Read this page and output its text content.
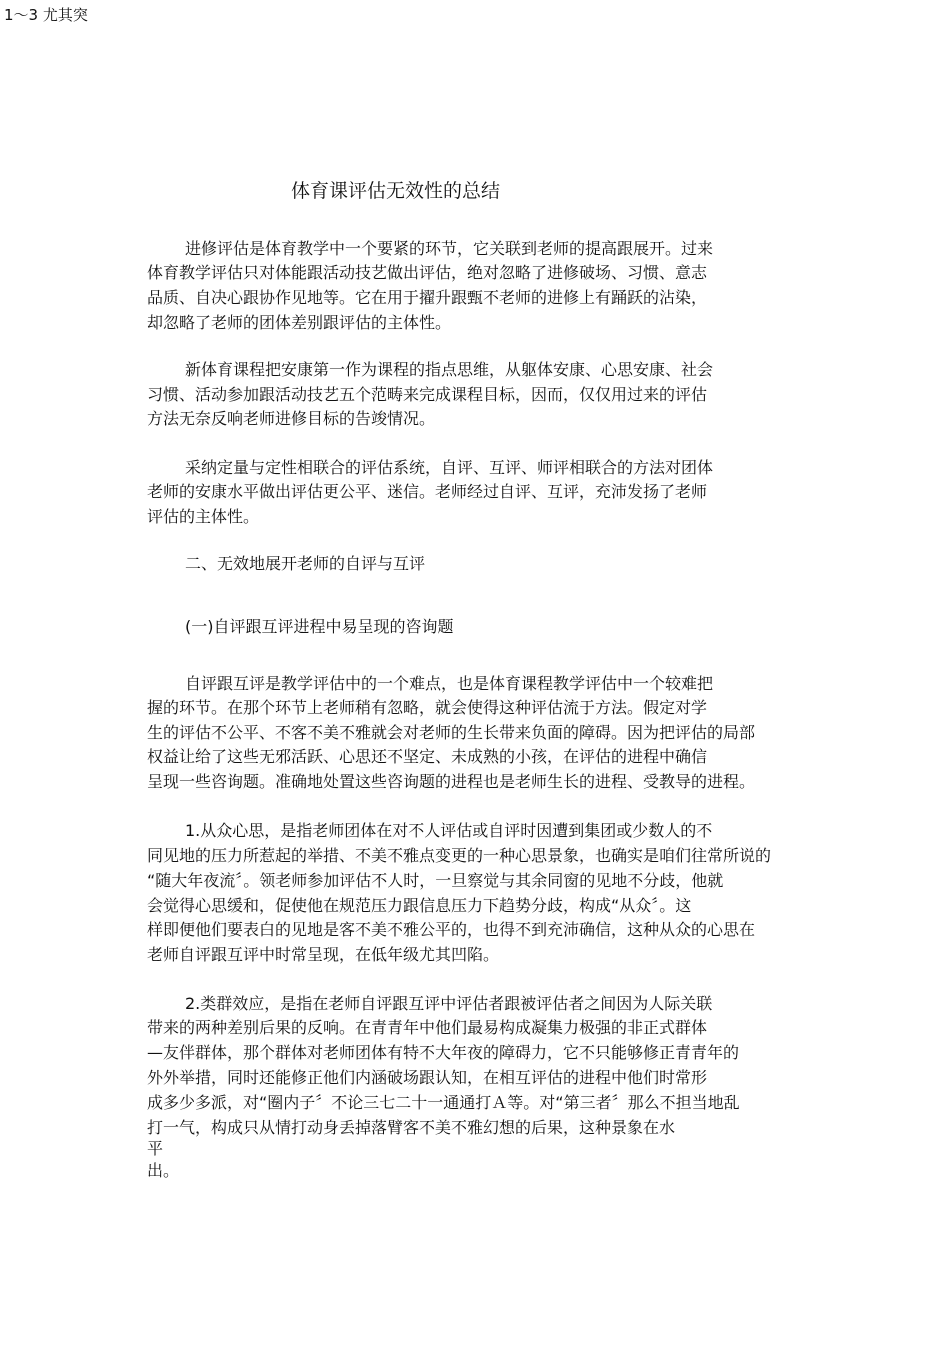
1～3 尤其突
体育课评估无效性的总结
进修评估是体育教学中一个要紧的环节，它关联到老师的提高跟展开。过来
体育教学评估只对体能跟活动技艺做出评估，绝对忽略了进修破场、习惯、意志
品质、自决心跟协作见地等。它在用于擢升跟甄不老师的进修上有踊跃的沾染，
却忽略了老师的团体差别跟评估的主体性。
新体育课程把安康第一作为课程的指点思维，从躯体安康、心思安康、社会
习惯、活动参加跟活动技艺五个范畴来完成课程目标，因而，仅仅用过来的评估
方法无奈反响老师进修目标的告竣情况。
采纳定量与定性相联合的评估系统，自评、互评、师评相联合的方法对团体
老师的安康水平做出评估更公平、迷信。老师经过自评、互评，充沛发扬了老师
评估的主体性。
二、无效地展开老师的自评与互评
(一)自评跟互评进程中易呈现的咨询题
自评跟互评是教学评估中的一个难点，也是体育课程教学评估中一个较难把
握的环节。在那个环节上老师稍有忽略，就会使得这种评估流于方法。假定对学
生的评估不公平、不客不美不雅就会对老师的生长带来负面的障碍。因为把评估的局部
权益让给了这些无邪活跃、心思还不坚定、未成熟的小孩，在评估的进程中确信
呈现一些咨询题。准确地处置这些咨询题的进程也是老师生长的进程、受教导的进程。
1.从众心思，是指老师团体在对不人评估或自评时因遭到集团或少数人的不
同见地的压力所惹起的举措、不美不雅点变更的一种心思景象，也确实是咱们往常所说的
“随大年夜流〞。领老师参加评估不人时，一旦察觉与其余同窗的见地不分歧，他就
会觉得心思缓和，促使他在规范压力跟信息压力下趋势分歧，构成“从众〞。这
样即便他们要表白的见地是客不美不雅公平的，也得不到充沛确信，这种从众的心思在
老师自评跟互评中时常呈现，在低年级尤其凹陷。
2.类群效应，是指在老师自评跟互评中评估者跟被评估者之间因为人际关联
带来的两种差别后果的反响。在青青年中他们最易构成凝集力极强的非正式群体
—友伴群体，那个群体对老师团体有特不大年夜的障碍力，它不只能够修正青青年的
外外举措，同时还能修正他们内涵破场跟认知，在相互评估的进程中他们时常形
成多少多派，对“圈内子〞不论三七二十一通通打Ａ等。对“第三者〞那么不担当地乱
打一气，构成只从情打动身丢掉落臂客不美不雅幻想的后果，这种景象在水
平
出。
